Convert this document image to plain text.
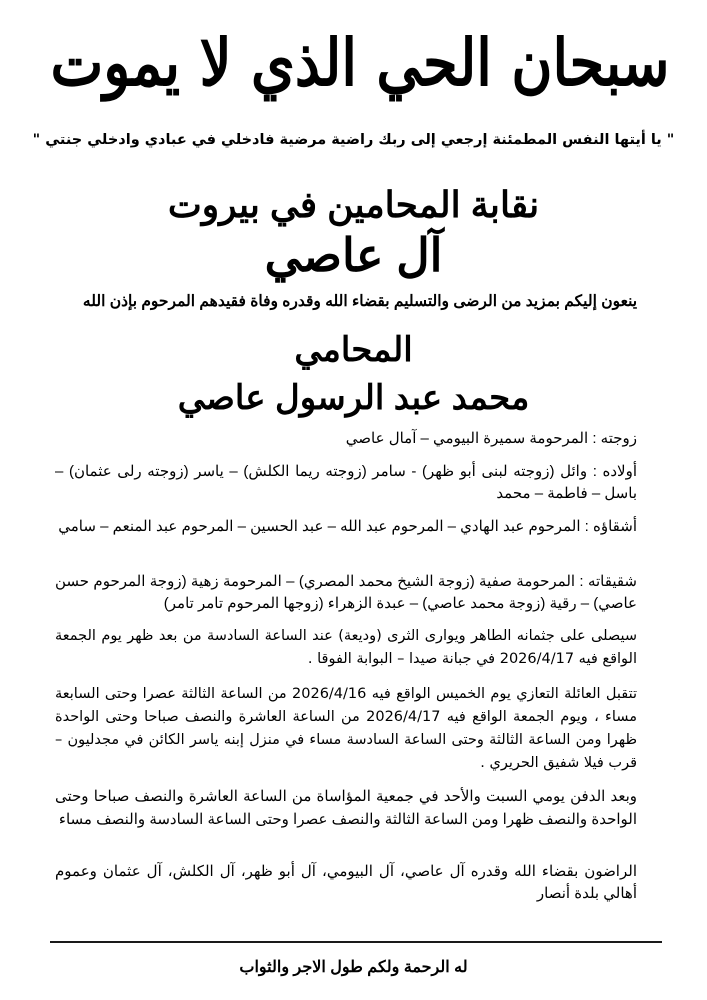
سبحان الحي الذي لا يموت
" يا أيتها النفس المطمئنة إرجعي إلى ربك راضية مرضية فادخلي في عبادي وادخلي جنتي "
نقابة المحامين في بيروت
آل عاصي
ينعون إليكم بمزيد من الرضى والتسليم بقضاء الله وقدره وفاة فقيدهم المرحوم بإذن الله
المحامي
محمد عبد الرسول عاصي
زوجته : المرحومة سميرة البيومي – آمال عاصي
أولاده : وائل (زوجته لبنى أبو ظهر) - سامر (زوجته ريما الكلش) – ياسر (زوجته رلى عثمان) – باسل – فاطمة – محمد
أشقاؤه : المرحوم عبد الهادي – المرحوم عبد الله – عبد الحسين – المرحوم عبد المنعم – سامي
شقيقاته : المرحومة صفية (زوجة الشيخ محمد المصري) – المرحومة زهية (زوجة المرحوم حسن عاصي) – رقية (زوجة محمد عاصي) – عبدة الزهراء (زوجها المرحوم تامر تامر)
سيصلى على جثمانه الطاهر ويوارى الثرى (وديعة) عند الساعة السادسة من بعد ظهر يوم الجمعة الواقع فيه 2026/4/17 في جبانة صيدا – البوابة الفوقا .
تتقبل العائلة التعازي يوم الخميس الواقع فيه 2026/4/16 من الساعة الثالثة عصرا وحتى السابعة مساء ، ويوم الجمعة الواقع فيه 2026/4/17 من الساعة العاشرة والنصف صباحا وحتى الواحدة ظهرا ومن الساعة الثالثة وحتى الساعة السادسة مساء في منزل إبنه ياسر الكائن في مجدليون – قرب فيلا شفيق الحريري .
وبعد الدفن يومي السبت والأحد في جمعية المؤاساة من الساعة العاشرة والنصف صباحا وحتى الواحدة والنصف ظهرا ومن الساعة الثالثة والنصف عصرا وحتى الساعة السادسة والنصف مساء
الراضون بقضاء الله وقدره آل عاصي، آل البيومي، آل أبو ظهر، آل الكلش، آل عثمان وعموم أهالي بلدة أنصار
له الرحمة ولكم طول الاجر والثواب
